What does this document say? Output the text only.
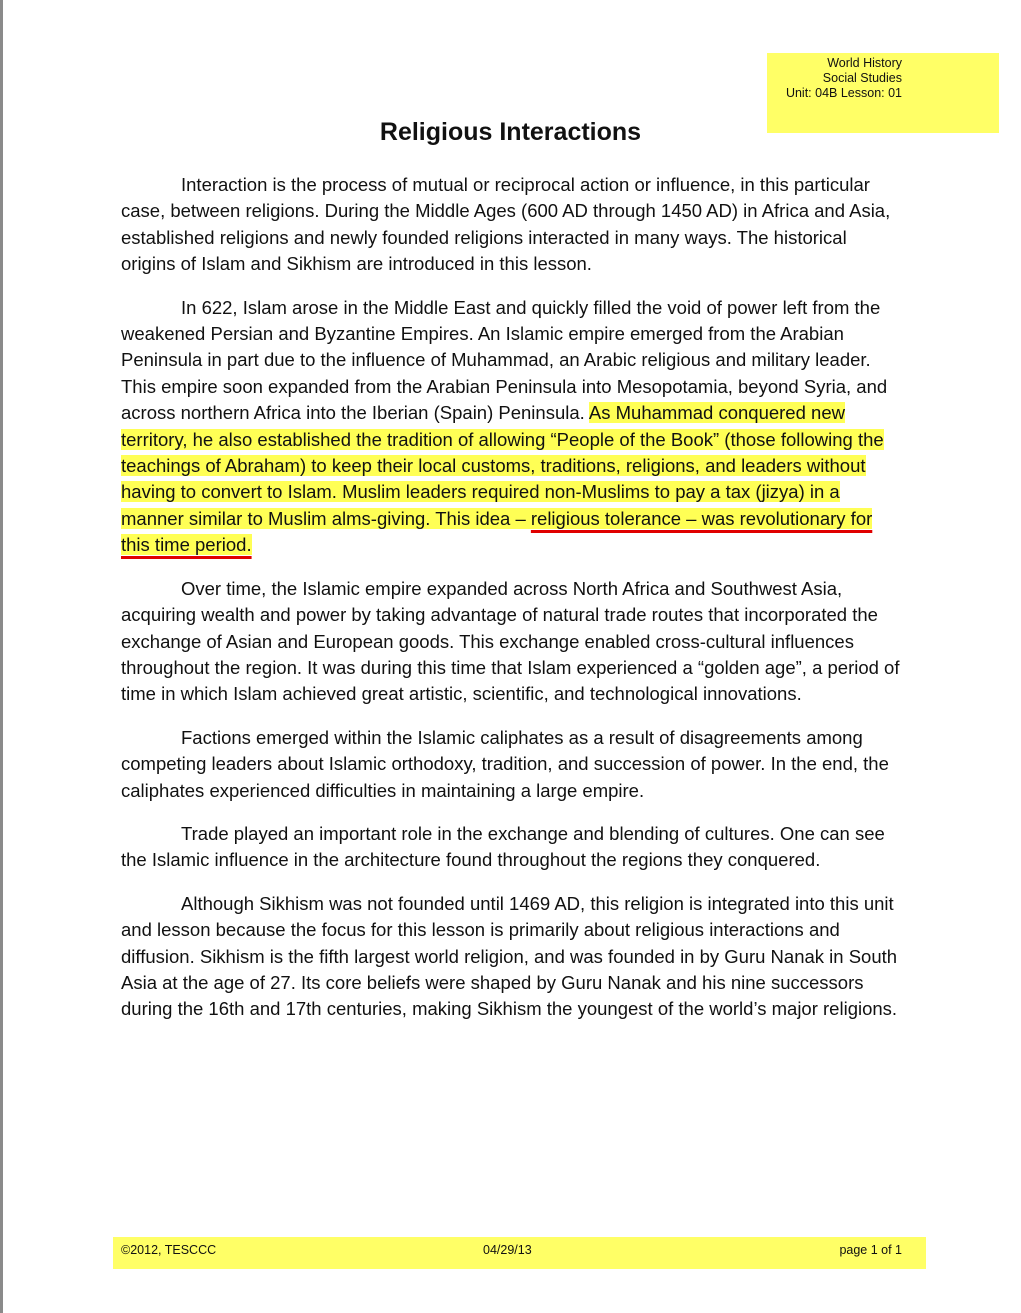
World History
Social Studies
Unit: 04B Lesson: 01
Religious Interactions

Interaction is the process of mutual or reciprocal action or influence, in this particular case, between religions. During the Middle Ages (600 AD through 1450 AD) in Africa and Asia, established religions and newly founded religions interacted in many ways. The historical origins of Islam and Sikhism are introduced in this lesson.

In 622, Islam arose in the Middle East and quickly filled the void of power left from the weakened Persian and Byzantine Empires. An Islamic empire emerged from the Arabian Peninsula in part due to the influence of Muhammad, an Arabic religious and military leader. This empire soon expanded from the Arabian Peninsula into Mesopotamia, beyond Syria, and across northern Africa into the Iberian (Spain) Peninsula. As Muhammad conquered new territory, he also established the tradition of allowing “People of the Book” (those following the teachings of Abraham) to keep their local customs, traditions, religions, and leaders without having to convert to Islam. Muslim leaders required non-Muslims to pay a tax (jizya) in a manner similar to Muslim alms-giving. This idea – religious tolerance – was revolutionary for this time period.

Over time, the Islamic empire expanded across North Africa and Southwest Asia, acquiring wealth and power by taking advantage of natural trade routes that incorporated the exchange of Asian and European goods. This exchange enabled cross-cultural influences throughout the region. It was during this time that Islam experienced a “golden age”, a period of time in which Islam achieved great artistic, scientific, and technological innovations.

Factions emerged within the Islamic caliphates as a result of disagreements among competing leaders about Islamic orthodoxy, tradition, and succession of power. In the end, the caliphates experienced difficulties in maintaining a large empire.

Trade played an important role in the exchange and blending of cultures. One can see the Islamic influence in the architecture found throughout the regions they conquered.

Although Sikhism was not founded until 1469 AD, this religion is integrated into this unit and lesson because the focus for this lesson is primarily about religious interactions and diffusion. Sikhism is the fifth largest world religion, and was founded in by Guru Nanak in South Asia at the age of 27. Its core beliefs were shaped by Guru Nanak and his nine successors during the 16th and 17th centuries, making Sikhism the youngest of the world’s major religions.

©2012, TESCCC	04/29/13	page 1 of 1
